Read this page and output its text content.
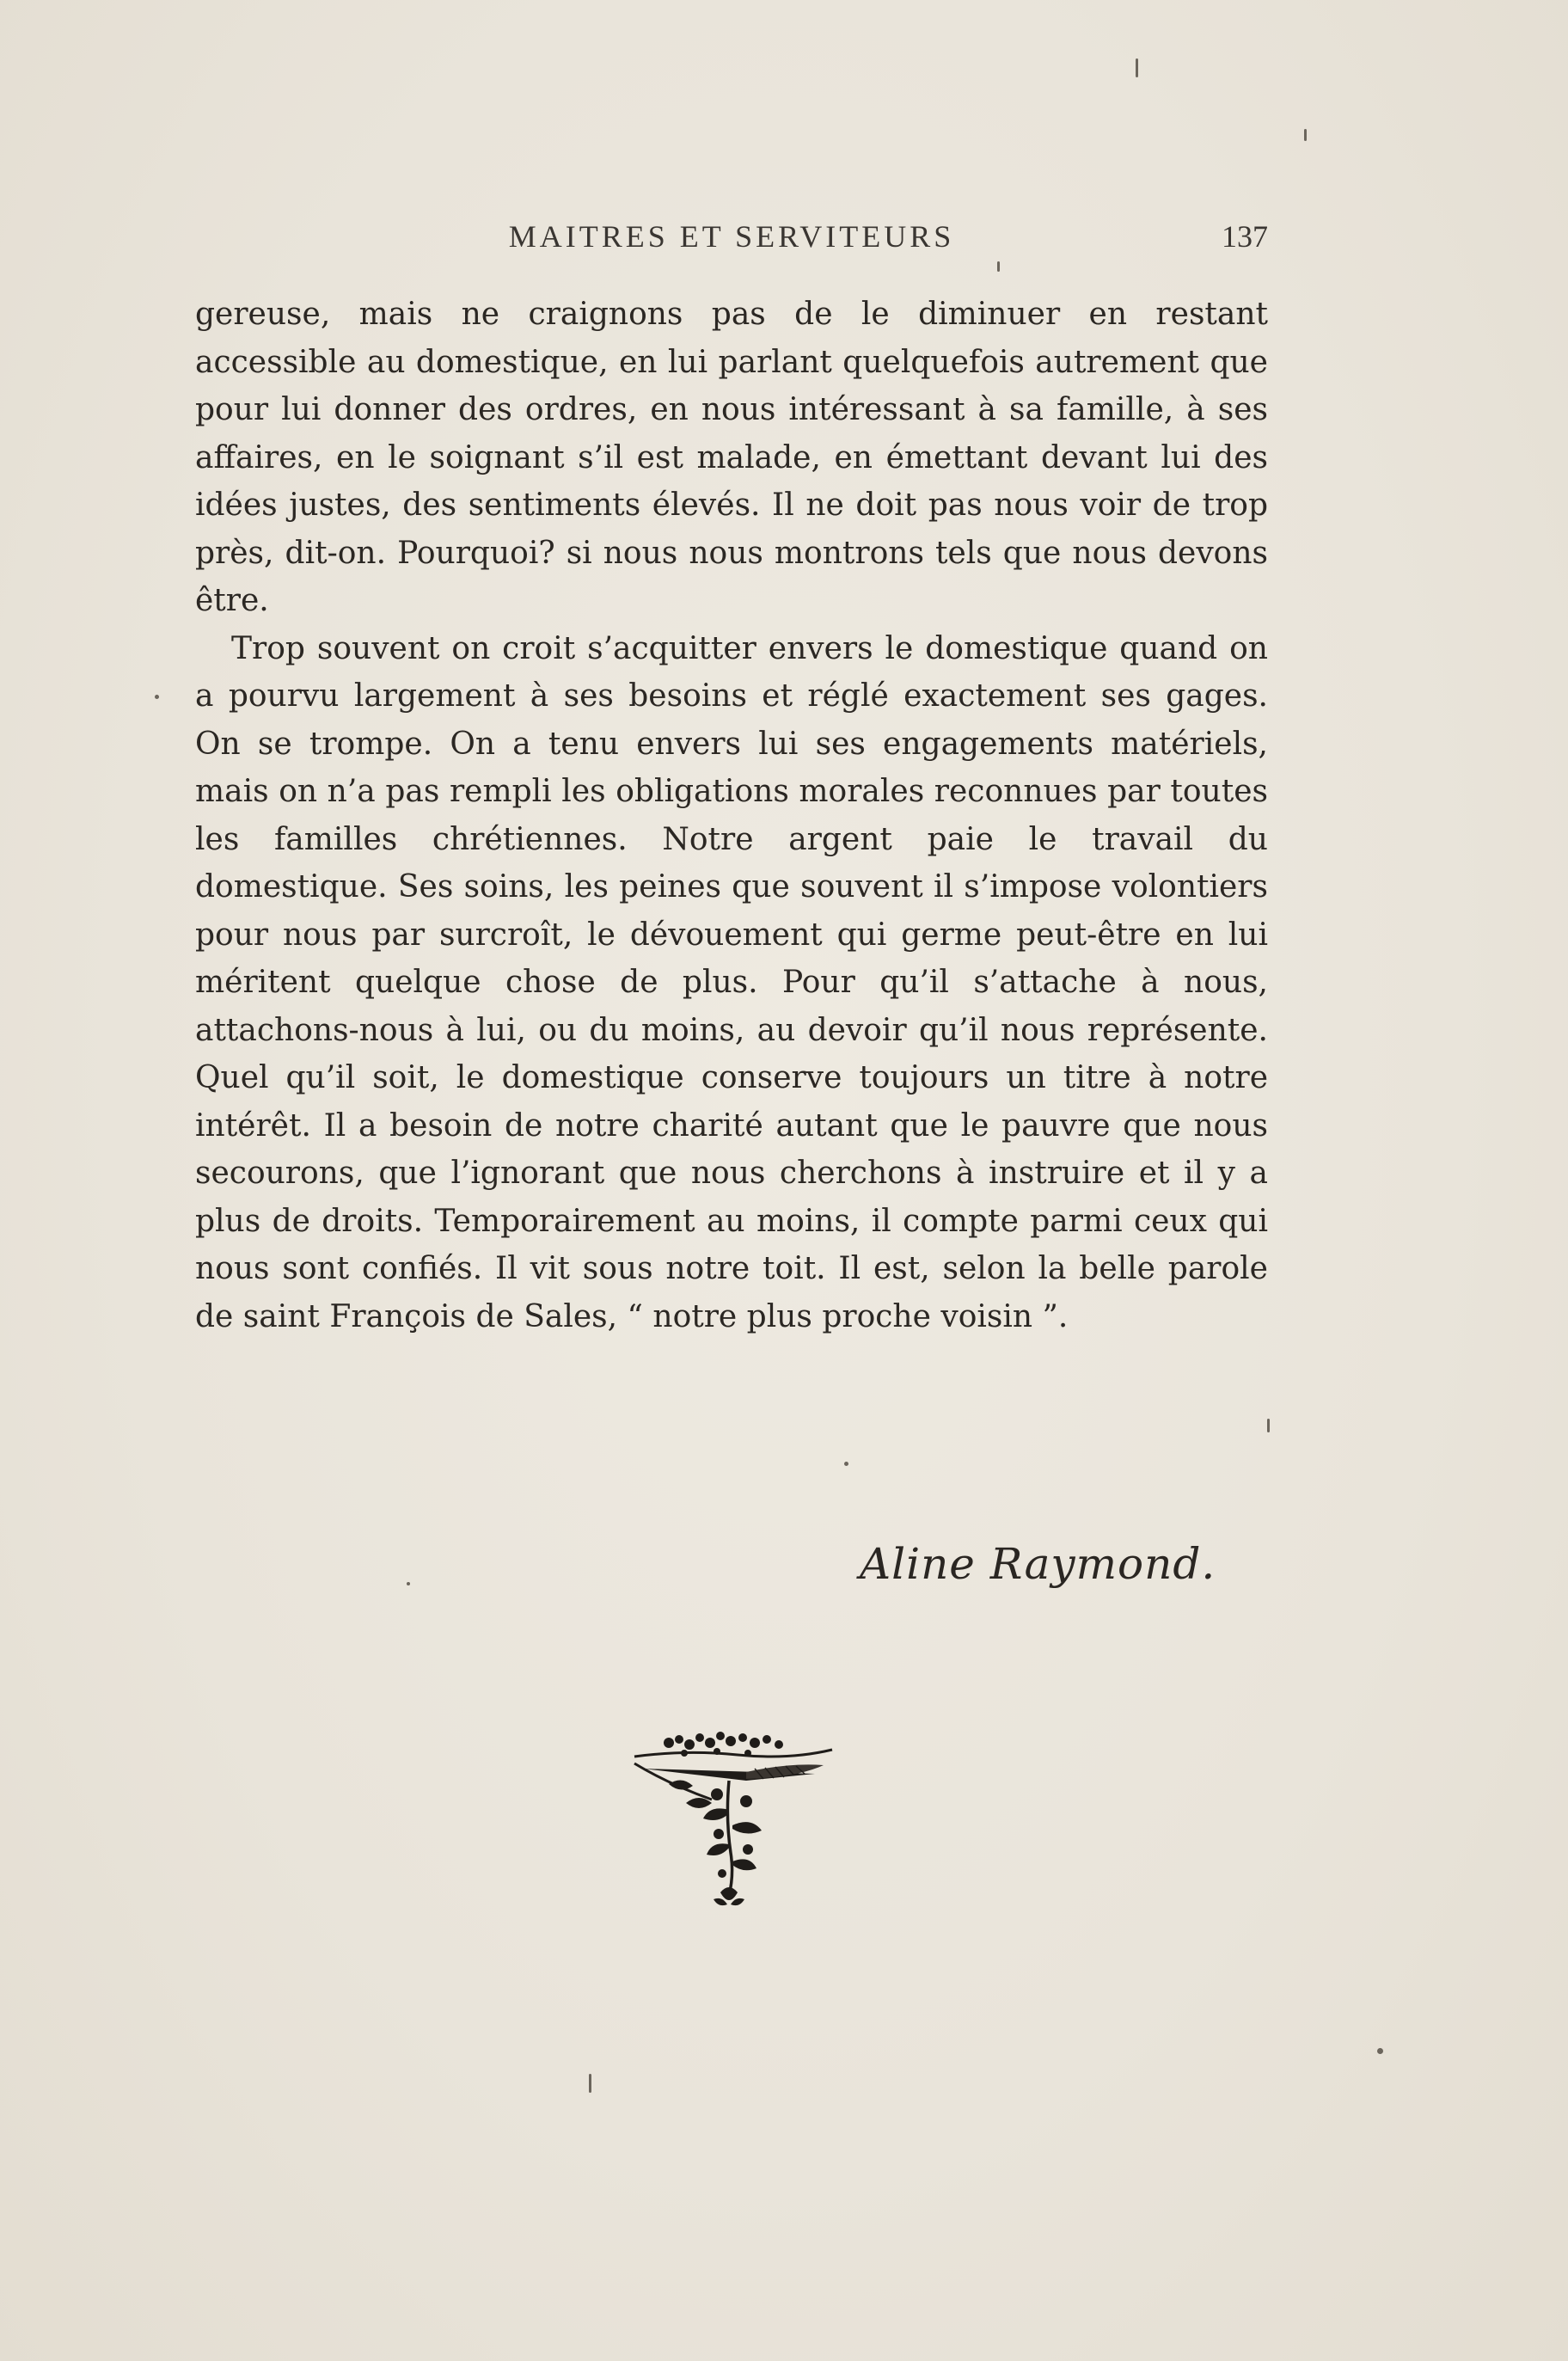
MAITRES ET SERVITEURS	137

gereuse, mais ne craignons pas de le diminuer en restant accessible au domestique, en lui parlant quelquefois autrement que pour lui donner des ordres, en nous intéressant à sa famille, à ses affaires, en le soignant s’il est malade, en émettant devant lui des idées justes, des sentiments élevés. Il ne doit pas nous voir de trop près, dit-on. Pourquoi? si nous nous montrons tels que nous devons être.

Trop souvent on croit s’acquitter envers le domestique quand on a pourvu largement à ses besoins et réglé exactement ses gages. On se trompe. On a tenu envers lui ses engagements matériels, mais on n’a pas rempli les obligations morales reconnues par toutes les familles chrétiennes. Notre argent paie le travail du domestique. Ses soins, les peines que souvent il s’impose volontiers pour nous par surcroît, le dévouement qui germe peut-être en lui méritent quelque chose de plus. Pour qu’il s’attache à nous, attachons-nous à lui, ou du moins, au devoir qu’il nous représente. Quel qu’il soit, le domestique conserve toujours un titre à notre intérêt. Il a besoin de notre charité autant que le pauvre que nous secourons, que l’ignorant que nous cherchons à instruire et il y a plus de droits. Temporairement au moins, il compte parmi ceux qui nous sont confiés. Il vit sous notre toit. Il est, selon la belle parole de saint François de Sales, “ notre plus proche voisin ”.

Aline Raymond.
